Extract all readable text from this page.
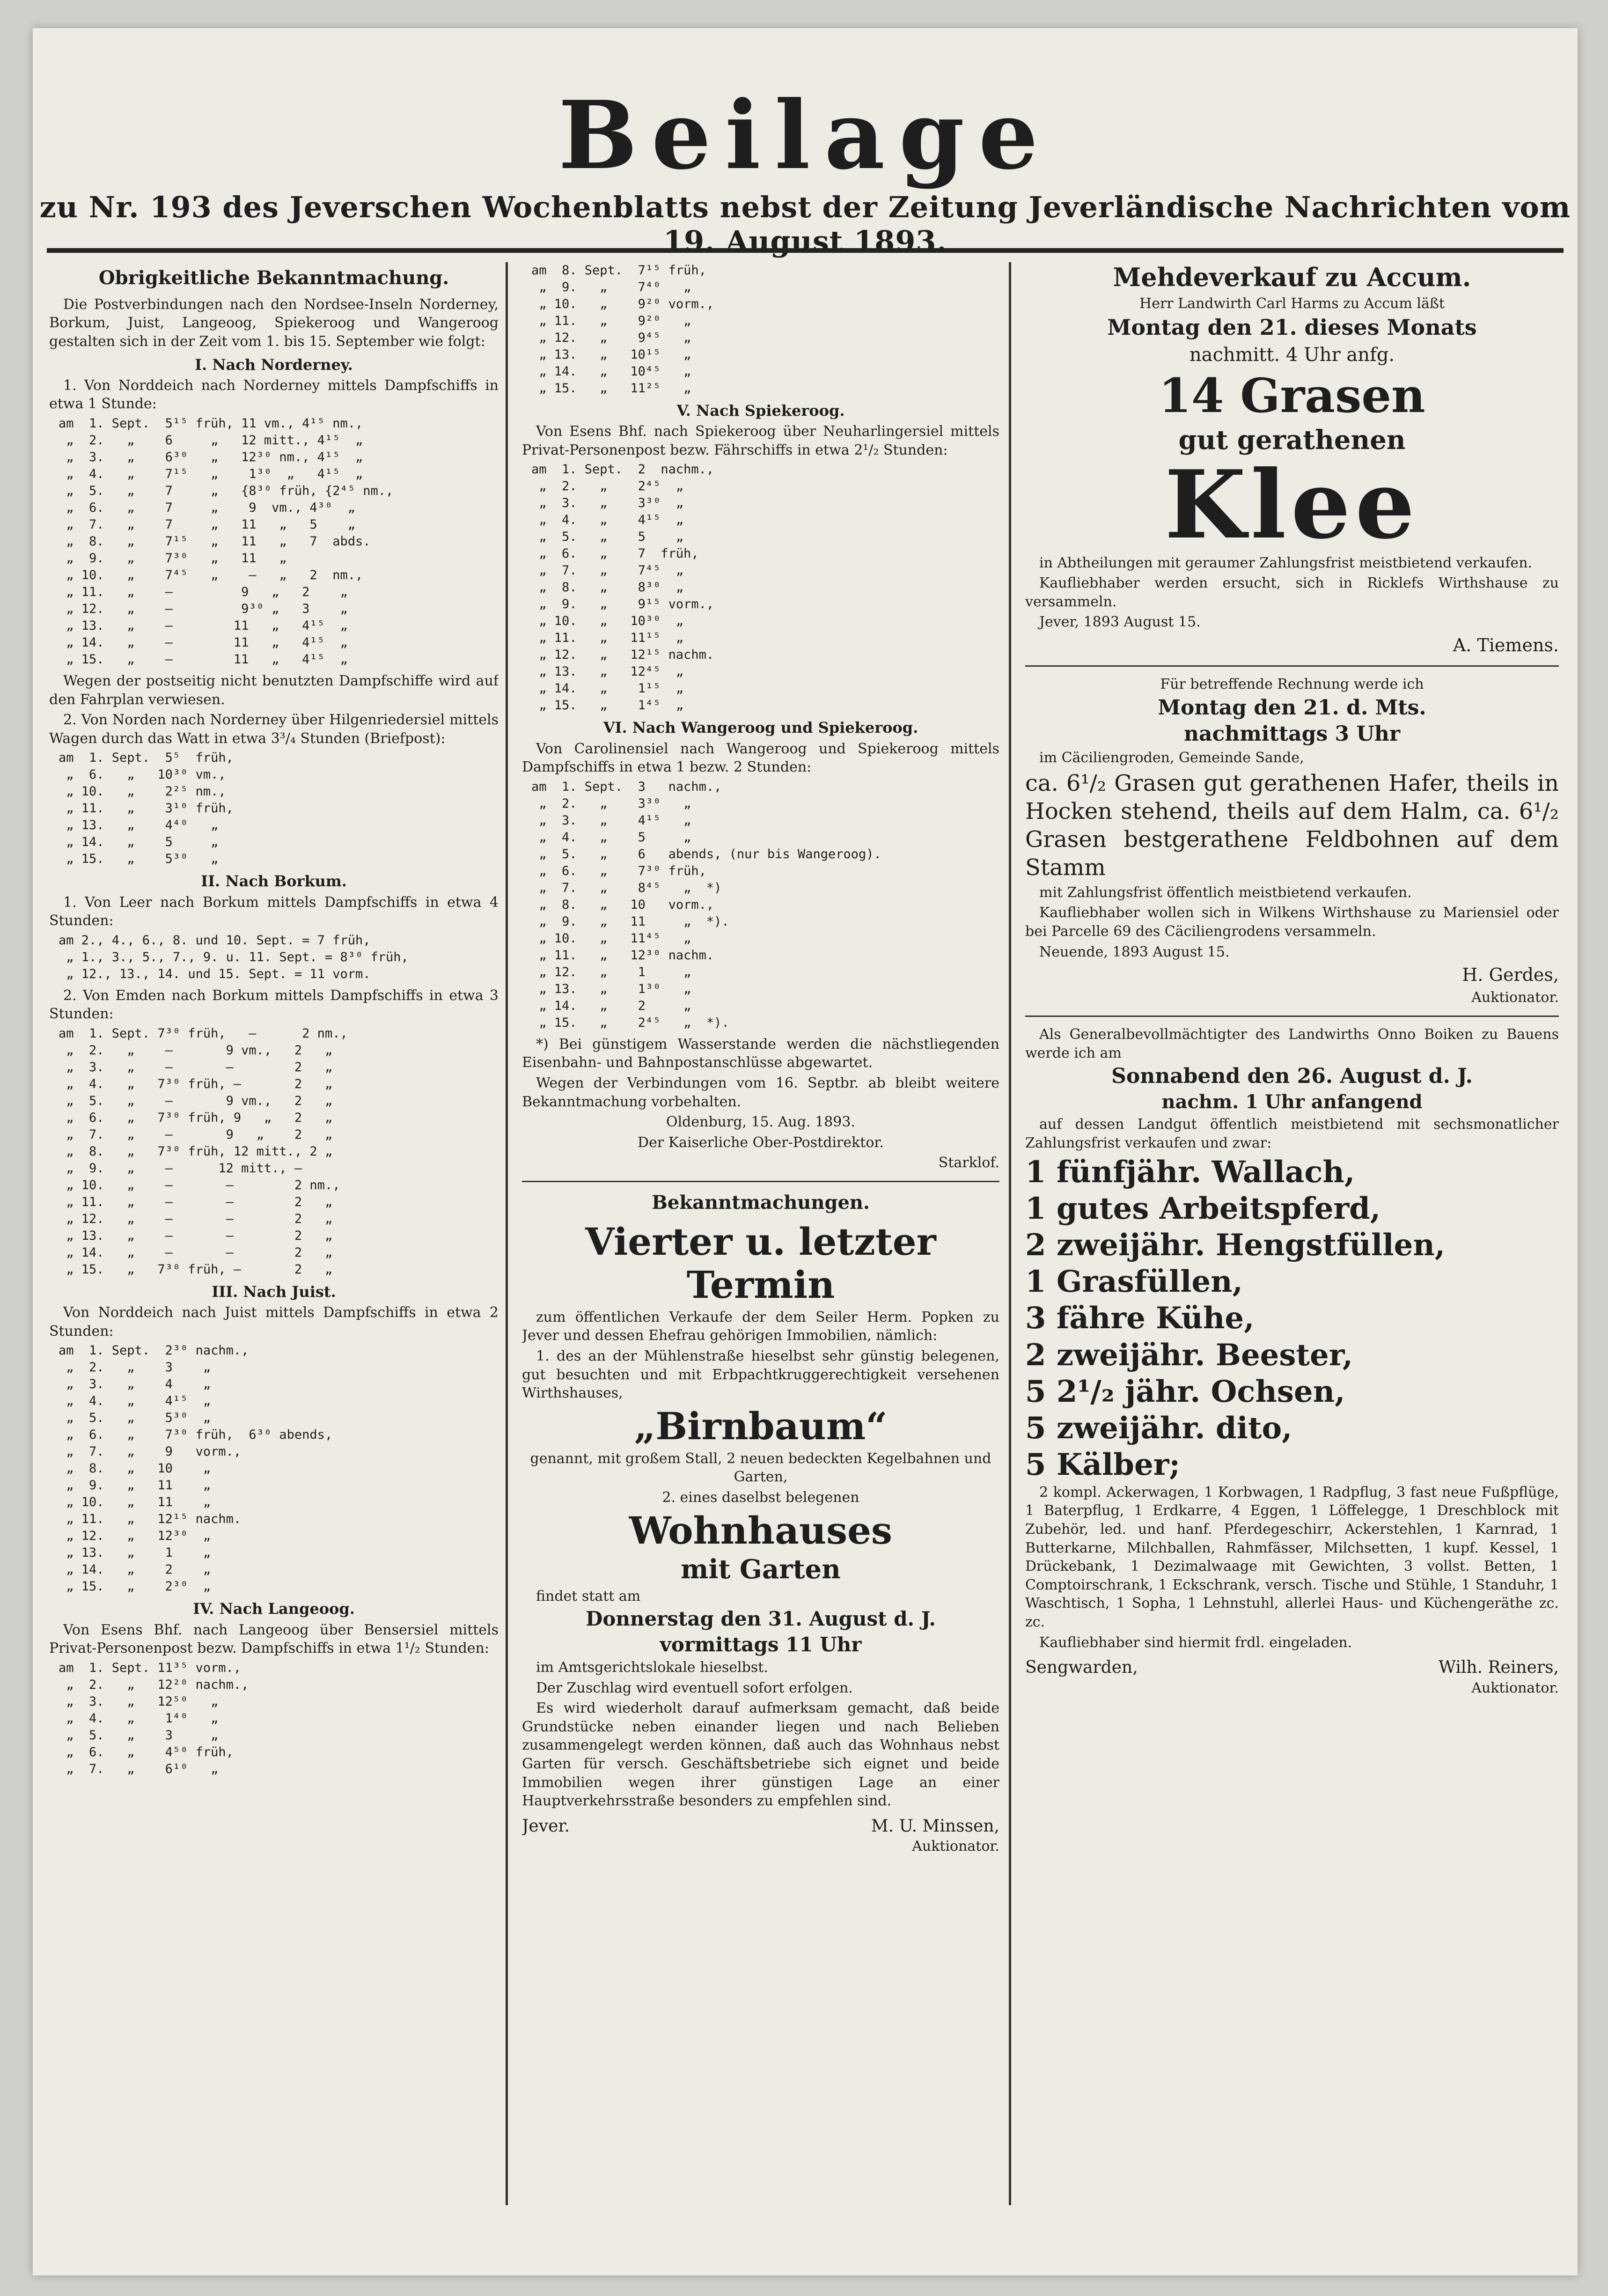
Beilage
zu Nr. 193 des Jeverschen Wochenblatts nebst der Zeitung Jeverländische Nachrichten vom 19. August 1893.
Obrigkeitliche Bekanntmachung.

Die Postverbindungen nach den Nordsee-Inseln Norderney, Borkum, Juist, Langeoog, Spiekeroog und Wangeroog gestalten sich in der Zeit vom 1. bis 15. September wie folgt:

I. Nach Norderney.

1. Von Norddeich nach Norderney mittels Dampfschiffs in etwa 1 Stunde:

am  1. Sept.  5¹⁵ früh, 11 vm., 4¹⁵ nm.,
„  2.   „    6     „   12 mitt., 4¹⁵  „
„  3.   „    6³⁰   „   12³⁰ nm., 4¹⁵  „
„  4.   „    7¹⁵   „    1³⁰  „   4¹⁵  „
„  5.   „    7     „   {8³⁰ früh, {2⁴⁵ nm.,
„  6.   „    7     „    9  vm., 4³⁰  „
„  7.   „    7     „   11   „   5    „
„  8.   „    7¹⁵   „   11   „   7  abds.
„  9.   „    7³⁰   „   11   „
„ 10.   „    7⁴⁵   „    —   „   2  nm.,
„ 11.   „    —         9   „   2    „
„ 12.   „    —         9³⁰ „   3    „
„ 13.   „    —        11   „   4¹⁵  „
„ 14.   „    —        11   „   4¹⁵  „
„ 15.   „    —        11   „   4¹⁵  „

Wegen der postseitig nicht benutzten Dampfschiffe wird auf den Fahrplan verwiesen.

2. Von Norden nach Norderney über Hilgenriedersiel mittels Wagen durch das Watt in etwa 3³/₄ Stunden (Briefpost):

am  1. Sept.  5⁵  früh,
„  6.   „   10³⁰ vm.,
„ 10.   „    2²⁵ nm.,
„ 11.   „    3¹⁰ früh,
„ 13.   „    4⁴⁰   „
„ 14.   „    5     „
„ 15.   „    5³⁰   „
II. Nach Borkum.

1. Von Leer nach Borkum mittels Dampfschiffs in etwa 4 Stunden:

am 2., 4., 6., 8. und 10. Sept. = 7 früh,
„ 1., 3., 5., 7., 9. u. 11. Sept. = 8³⁰ früh,
„ 12., 13., 14. und 15. Sept. = 11 vorm.

2. Von Emden nach Borkum mittels Dampfschiffs in etwa 3 Stunden:

am  1. Sept. 7³⁰ früh,   —      2 nm.,
„  2.   „    —       9 vm.,   2   „
„  3.   „    —       —        2   „
„  4.   „   7³⁰ früh, —       2   „
„  5.   „    —       9 vm.,   2   „
„  6.   „   7³⁰ früh, 9   „   2   „
„  7.   „    —       9   „    2   „
„  8.   „   7³⁰ früh, 12 mitt., 2 „
„  9.   „    —      12 mitt., —
„ 10.   „    —       —        2 nm.,
„ 11.   „    —       —        2   „
„ 12.   „    —       —        2   „
„ 13.   „    —       —        2   „
„ 14.   „    —       —        2   „
„ 15.   „   7³⁰ früh, —       2   „
III. Nach Juist.

Von Norddeich nach Juist mittels Dampfschiffs in etwa 2 Stunden:

am  1. Sept.  2³⁰ nachm.,
„  2.   „    3    „
„  3.   „    4    „
„  4.   „    4¹⁵  „
„  5.   „    5³⁰  „
„  6.   „    7³⁰ früh,  6³⁰ abends,
„  7.   „    9   vorm.,
„  8.   „   10    „
„  9.   „   11    „
„ 10.   „   11    „
„ 11.   „   12¹⁵ nachm.
„ 12.   „   12³⁰  „
„ 13.   „    1    „
„ 14.   „    2    „
„ 15.   „    2³⁰  „
IV. Nach Langeoog.

Von Esens Bhf. nach Langeoog über Bensersiel mittels Privat-Personenpost bezw. Dampfschiffs in etwa 1¹/₂ Stunden:

am  1. Sept. 11³⁵ vorm.,
„  2.   „   12²⁰ nachm.,
„  3.   „   12⁵⁰   „
„  4.   „    1⁴⁰   „
„  5.   „    3     „
„  6.   „    4⁵⁰ früh,
„  7.   „    6¹⁰   „
am  8. Sept.  7¹⁵ früh,
„  9.   „    7⁴⁰   „
„ 10.   „    9²⁰ vorm.,
„ 11.   „    9²⁰   „
„ 12.   „    9⁴⁵   „
„ 13.   „   10¹⁵   „
„ 14.   „   10⁴⁵   „
„ 15.   „   11²⁵   „
V. Nach Spiekeroog.

Von Esens Bhf. nach Spiekeroog über Neuharlingersiel mittels Privat-Personenpost bezw. Fährschiffs in etwa 2¹/₂ Stunden:

am  1. Sept.  2  nachm.,
„  2.   „    2⁴⁵  „
„  3.   „    3³⁰  „
„  4.   „    4¹⁵  „
„  5.   „    5    „
„  6.   „    7  früh,
„  7.   „    7⁴⁵  „
„  8.   „    8³⁰  „
„  9.   „    9¹⁵ vorm.,
„ 10.   „   10³⁰  „
„ 11.   „   11¹⁵  „
„ 12.   „   12¹⁵ nachm.
„ 13.   „   12⁴⁵  „
„ 14.   „    1¹⁵  „
„ 15.   „    1⁴⁵  „
VI. Nach Wangeroog und Spiekeroog.

Von Carolinensiel nach Wangeroog und Spiekeroog mittels Dampfschiffs in etwa 1 bezw. 2 Stunden:

am  1. Sept.  3   nachm.,
„  2.   „    3³⁰   „
„  3.   „    4¹⁵   „
„  4.   „    5     „
„  5.   „    6   abends, (nur bis Wangeroog).
„  6.   „    7³⁰ früh,
„  7.   „    8⁴⁵   „  *)
„  8.   „   10   vorm.,
„  9.   „   11     „  *).
„ 10.   „   11⁴⁵   „
„ 11.   „   12³⁰ nachm.
„ 12.   „    1     „
„ 13.   „    1³⁰   „
„ 14.   „    2     „
„ 15.   „    2⁴⁵   „  *).

*) Bei günstigem Wasserstande werden die nächstliegenden Eisenbahn- und Bahnpostanschlüsse abgewartet.

Wegen der Verbindungen vom 16. Septbr. ab bleibt weitere Bekanntmachung vorbehalten.

Oldenburg, 15. Aug. 1893.

Der Kaiserliche Ober-Postdirektor.

Starklof.

Bekanntmachungen.

Vierter u. letzter Termin

zum öffentlichen Verkaufe der dem Seiler Herm. Popken zu Jever und dessen Ehefrau gehörigen Immobilien, nämlich:

1. des an der Mühlenstraße hieselbst sehr günstig belegenen, gut besuchten und mit Erbpachtkruggerechtigkeit versehenen Wirthshauses,

„Birnbaum“

genannt, mit großem Stall, 2 neuen bedeckten Kegelbahnen und Garten,

2. eines daselbst belegenen

Wohnhauses

mit Garten

findet statt am

Donnerstag den 31. August d. J.

vormittags 11 Uhr

im Amtsgerichtslokale hieselbst.

Der Zuschlag wird eventuell sofort erfolgen.

Es wird wiederholt darauf aufmerksam gemacht, daß beide Grundstücke neben einander liegen und nach Belieben zusammengelegt werden können, daß auch das Wohnhaus nebst Garten für versch. Geschäftsbetriebe sich eignet und beide Immobilien wegen ihrer günstigen Lage an einer Hauptverkehrsstraße besonders zu empfehlen sind.

Jever.	M. U. Minssen,

Auktionator.

Mehdeverkauf zu Accum.

Herr Landwirth Carl Harms zu Accum läßt

Montag den 21. dieses Monats

nachmitt. 4 Uhr anfg.

14 Grasen

gut gerathenen

Klee

in Abtheilungen mit geraumer Zahlungsfrist meistbietend verkaufen.

Kaufliebhaber werden ersucht, sich in Ricklefs Wirthshause zu versammeln.

Jever, 1893 August 15.

A. Tiemens.

Für betreffende Rechnung werde ich

Montag den 21. d. Mts.

nachmittags 3 Uhr

im Cäciliengroden, Gemeinde Sande,

ca. 6¹/₂ Grasen gut gerathenen Hafer, theils in Hocken stehend, theils auf dem Halm, ca. 6¹/₂ Grasen bestgerathene Feldbohnen auf dem Stamm

mit Zahlungsfrist öffentlich meistbietend verkaufen.

Kaufliebhaber wollen sich in Wilkens Wirthshause zu Mariensiel oder bei Parcelle 69 des Cäciliengrodens versammeln.

Neuende, 1893 August 15.

H. Gerdes,

Auktionator.

Als Generalbevollmächtigter des Landwirths Onno Boiken zu Bauens werde ich am

Sonnabend den 26. August d. J.

nachm. 1 Uhr anfangend

auf dessen Landgut öffentlich meistbietend mit sechsmonatlicher Zahlungsfrist verkaufen und zwar:

1 fünfjähr. Wallach,
1 gutes Arbeitspferd,
2 zweijähr. Hengstfüllen,
1 Grasfüllen,
3 fähre Kühe,
2 zweijähr. Beester,
5 2¹/₂ jähr. Ochsen,
5 zweijähr. dito,
5 Kälber;

2 kompl. Ackerwagen, 1 Korbwagen, 1 Radpflug, 3 fast neue Fußpflüge, 1 Baterpflug, 1 Erdkarre, 4 Eggen, 1 Löffelegge, 1 Dreschblock mit Zubehör, led. und hanf. Pferdegeschirr, Ackerstehlen, 1 Karnrad, 1 Butterkarne, Milchballen, Rahmfässer, Milchsetten, 1 kupf. Kessel, 1 Drückebank, 1 Dezimalwaage mit Gewichten, 3 vollst. Betten, 1 Comptoirschrank, 1 Eckschrank, versch. Tische und Stühle, 1 Standuhr, 1 Waschtisch, 1 Sopha, 1 Lehnstuhl, allerlei Haus- und Küchengeräthe zc. zc.

Kaufliebhaber sind hiermit frdl. eingeladen.

Sengwarden,	Wilh. Reiners,

Auktionator.
